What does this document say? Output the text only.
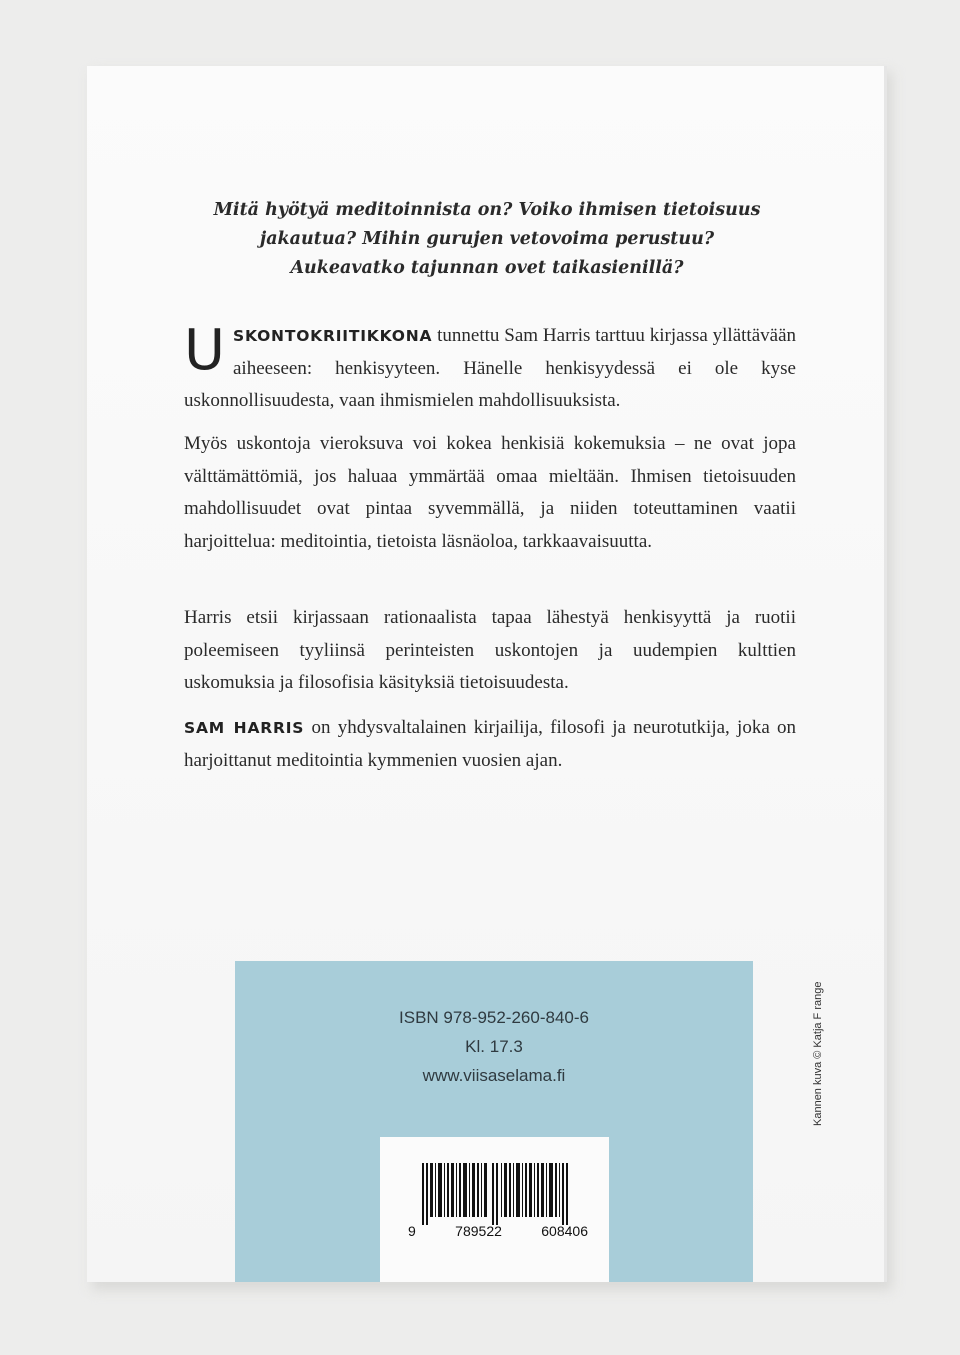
Mitä hyötyä meditoinnista on? Voiko ihmisen tietoisuus
jakautua? Mihin gurujen vetovoima perustuu?
Aukeavatko tajunnan ovet taikasienillä?

USKONTOKRIITIKKONA tunnettu Sam Harris tarttuu kirjassa yllättävään aiheeseen: henkisyyteen. Hänelle henkisyydessä ei ole kyse uskonnollisuudesta, vaan ihmismielen mahdollisuuksista.

Myös uskontoja vieroksuva voi kokea henkisiä kokemuksia – ne ovat jopa välttämättömiä, jos haluaa ymmärtää omaa mieltään. Ihmisen tietoisuuden mahdollisuudet ovat pintaa syvemmällä, ja niiden toteuttaminen vaatii harjoittelua: meditointia, tietoista läsnäoloa, tarkkaavaisuutta.

Harris etsii kirjassaan rationaalista tapaa lähestyä henkisyyttä ja ruotii poleemiseen tyyliinsä perinteisten uskontojen ja uudempien kulttien uskomuksia ja filosofisia käsityksiä tietoisuudesta.

SAM HARRIS on yhdysvaltalainen kirjailija, filosofi ja neurotutkija, joka on harjoittanut meditointia kymmenien vuosien ajan.

Kannen kuva © Katja F range
ISBN 978-952-260-840-6
Kl. 17.3
www.viisaselama.fi
9	789522	608406
